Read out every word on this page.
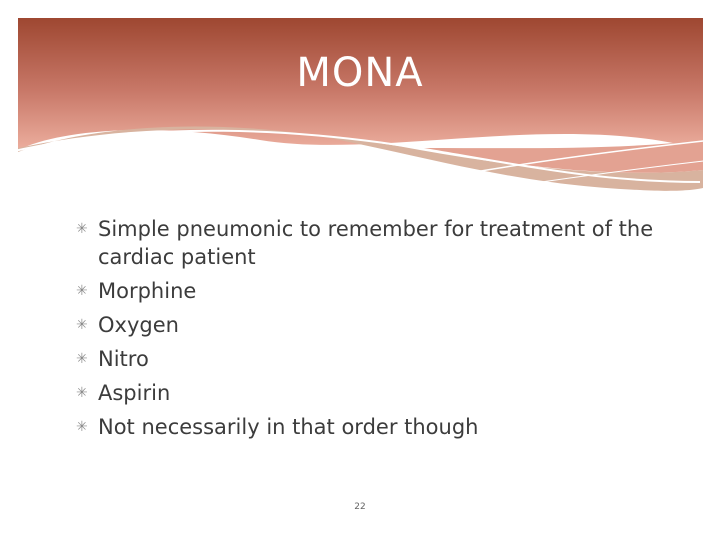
MONA
✳ Simple pneumonic to remember for treatment of the cardiac patient
✳ Morphine
✳ Oxygen
✳ Nitro
✳ Aspirin
✳ Not necessarily in that order though
22
